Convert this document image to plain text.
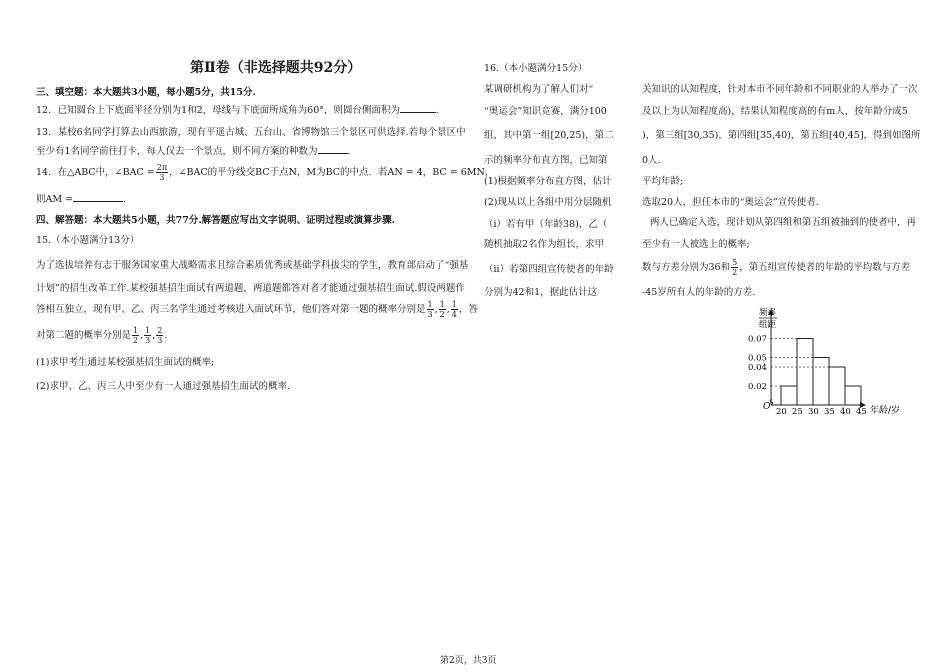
第Ⅱ卷（非选择题共92分）
三、填空题：本大题共3小题，每小题5分，共15分.
12．已知圆台上下底面半径分别为1和2，母线与下底面所成角为60°，则圆台侧面积为	.
13．某校6名同学打算去山西旅游，现有平遥古城、五台山、省博物馆三个景区可供选择.若每个景区中
至少有1名同学前往打卡，每人仅去一个景点，则不同方案的种数为	.
14．在△ABC中，∠BAC = $\frac{2\pi}{3}$ ，∠BAC的平分线交BC于点N，M为BC的中点．若AN = 4，BC = 6MN，
则AM =	.
四、解答题：本大题共5小题，共77分.解答题应写出文字说明、证明过程或演算步骤.
15.（本小题满分13分）
为了选拔培养有志于服务国家重大战略需求且综合素质优秀或基础学科拔尖的学生，教育部启动了“强基
计划”的招生改革工作.某校强基招生面试有两道题，两道题都答对者才能通过强基招生面试.假设两题作
答相互独立，现有甲、乙、丙三名学生通过考核进入面试环节，他们答对第一题的概率分别是 $\frac{1}{3}$ , $\frac{1}{2}$ , $\frac{1}{4}$ ，答
对第二题的概率分别是 $\frac{1}{2}$ , $\frac{1}{3}$ , $\frac{2}{3}$ .
(1)求甲考生通过某校强基招生面试的概率;
(2)求甲、乙、丙三人中至少有一人通过强基招生面试的概率.
16.（本小题满分15分）
某调研机构为了解人们对“	关知识的认知程度，针对本市不同年龄和不同职业的人举办了一次
“奥运会”知识竞赛，满分100	及以上为认知程度高)，结果认知程度高的有m人，按年龄分成5
组，其中第一组[20,25)，第二	)，第三组[30,35)，第四组[35,40)，第五组[40,45]，得到如图所
示的频率分布直方图，已知第	0人.
(1)根据频率分布直方图，估计	平均年龄;
(2)现从以上各组中用分层随机	选取20人，担任本市的“奥运会”宣传使者.
两人已确定入选，现计划从第四组和第五组被抽到的使者中，再
（i）若有甲（年龄38)，乙（
随机抽取2名作为组长，求甲	至少有一人被选上的概率;
（ii）若第四组宣传使者的年龄	数与方差分别为36和 $\frac{5}{2}$ ，第五组宣传使者的年龄的平均数与方差
分别为42和1，据此估计这	-45岁所有人的年龄的方差.
0.07
0.05
0.04
0.02
20 25 30 35 40 45
O
频率
组距
年龄/岁
第2页，共3页
